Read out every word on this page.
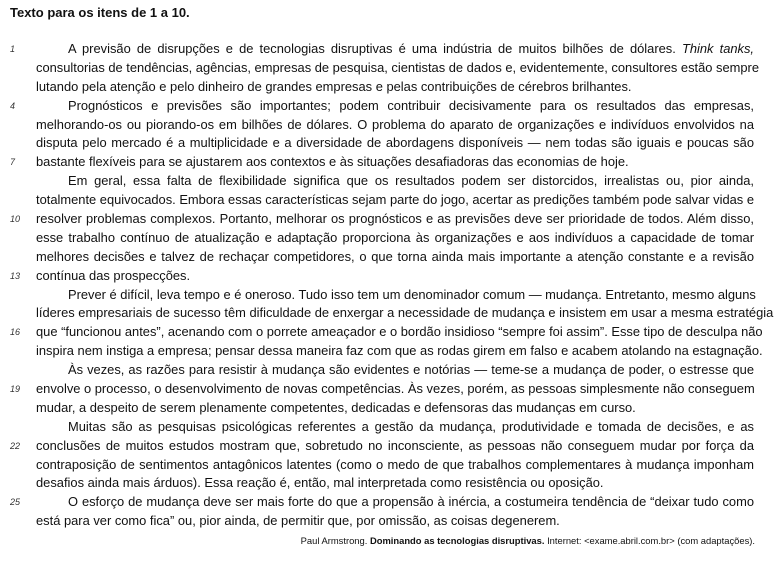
Texto para os itens de 1 a 10.
1	A previsão de disrupções e de tecnologias disruptivas é uma indústria de muitos bilhões de dólares. Think tanks,
consultorias de tendências, agências, empresas de pesquisa, cientistas de dados e, evidentemente, consultores estão sempre
lutando pela atenção e pelo dinheiro de grandes empresas e pelas contribuições de cérebros brilhantes.
4	Prognósticos e previsões são importantes; podem contribuir decisivamente para os resultados das empresas,
melhorando-os ou piorando-os em bilhões de dólares. O problema do aparato de organizações e indivíduos envolvidos na
disputa pelo mercado é a multiplicidade e a diversidade de abordagens disponíveis — nem todas são iguais e poucas são
7 bastante flexíveis para se ajustarem aos contextos e às situações desafiadoras das economias de hoje.
Em geral, essa falta de flexibilidade significa que os resultados podem ser distorcidos, irrealistas ou, pior ainda,
totalmente equivocados. Embora essas características sejam parte do jogo, acertar as predições também pode salvar vidas e
10 resolver problemas complexos. Portanto, melhorar os prognósticos e as previsões deve ser prioridade de todos. Além disso,
esse trabalho contínuo de atualização e adaptação proporciona às organizações e aos indivíduos a capacidade de tomar
melhores decisões e talvez de rechaçar competidores, o que torna ainda mais importante a atenção constante e a revisão
13 contínua das prospecções.
Prever é difícil, leva tempo e é oneroso. Tudo isso tem um denominador comum — mudança. Entretanto, mesmo alguns
líderes empresariais de sucesso têm dificuldade de enxergar a necessidade de mudança e insistem em usar a mesma estratégia
16 que “funcionou antes”, acenando com o porrete ameaçador e o bordão insidioso “sempre foi assim”. Esse tipo de desculpa não
inspira nem instiga a empresa; pensar dessa maneira faz com que as rodas girem em falso e acabem atolando na estagnação.
Às vezes, as razões para resistir à mudança são evidentes e notórias — teme-se a mudança de poder, o estresse que
19 envolve o processo, o desenvolvimento de novas competências. Às vezes, porém, as pessoas simplesmente não conseguem
mudar, a despeito de serem plenamente competentes, dedicadas e defensoras das mudanças em curso.
Muitas são as pesquisas psicológicas referentes a gestão da mudança, produtividade e tomada de decisões, e as
22 conclusões de muitos estudos mostram que, sobretudo no inconsciente, as pessoas não conseguem mudar por força da
contraposição de sentimentos antagônicos latentes (como o medo de que trabalhos complementares à mudança imponham
desafios ainda mais árduos). Essa reação é, então, mal interpretada como resistência ou oposição.
25	O esforço de mudança deve ser mais forte do que a propensão à inércia, a costumeira tendência de “deixar tudo como
está para ver como fica” ou, pior ainda, de permitir que, por omissão, as coisas degenerem.
Paul Armstrong. Dominando as tecnologias disruptivas. Internet: <exame.abril.com.br> (com adaptações).
